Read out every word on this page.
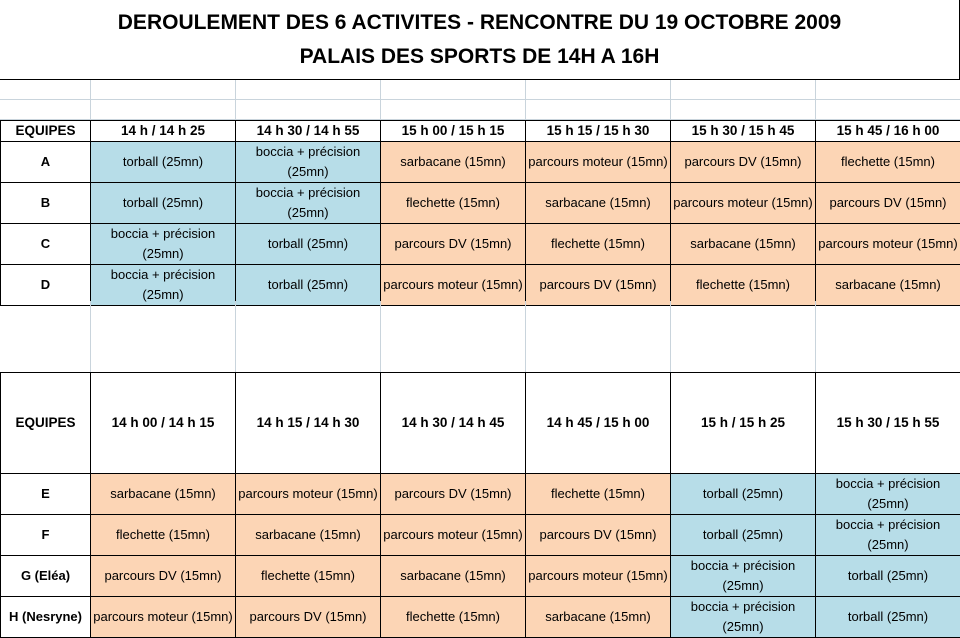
DEROULEMENT DES 6 ACTIVITES - RENCONTRE DU 19 OCTOBRE 2009
PALAIS DES SPORTS DE 14H A 16H
EQUIPES	14 h / 14 h 25	14 h 30 / 14 h 55	15 h 00 / 15 h 15	15 h 15 / 15 h 30	15 h 30 / 15 h 45	15 h 45 / 16 h 00
A	torball (25mn)	boccia + précision (25mn)	sarbacane (15mn)	parcours moteur (15mn)	parcours DV (15mn)	flechette (15mn)
B	torball (25mn)	boccia + précision (25mn)	flechette (15mn)	sarbacane (15mn)	parcours moteur (15mn)	parcours DV (15mn)
C	boccia + précision (25mn)	torball (25mn)	parcours DV (15mn)	flechette (15mn)	sarbacane (15mn)	parcours moteur (15mn)
D	boccia + précision (25mn)	torball (25mn)	parcours moteur (15mn)	parcours DV (15mn)	flechette (15mn)	sarbacane (15mn)
EQUIPES	14 h 00 / 14 h 15	14 h 15 / 14 h 30	14 h 30 / 14 h 45	14 h 45 / 15 h 00	15 h / 15 h 25	15 h 30 / 15 h 55
E	sarbacane (15mn)	parcours moteur (15mn)	parcours DV (15mn)	flechette (15mn)	torball (25mn)	boccia + précision (25mn)
F	flechette (15mn)	sarbacane (15mn)	parcours moteur (15mn)	parcours DV (15mn)	torball (25mn)	boccia + précision (25mn)
G (Eléa)	parcours DV (15mn)	flechette (15mn)	sarbacane (15mn)	parcours moteur (15mn)	boccia + précision (25mn)	torball (25mn)
H (Nesryne)	parcours moteur (15mn)	parcours DV (15mn)	flechette (15mn)	sarbacane (15mn)	boccia + précision (25mn)	torball (25mn)
